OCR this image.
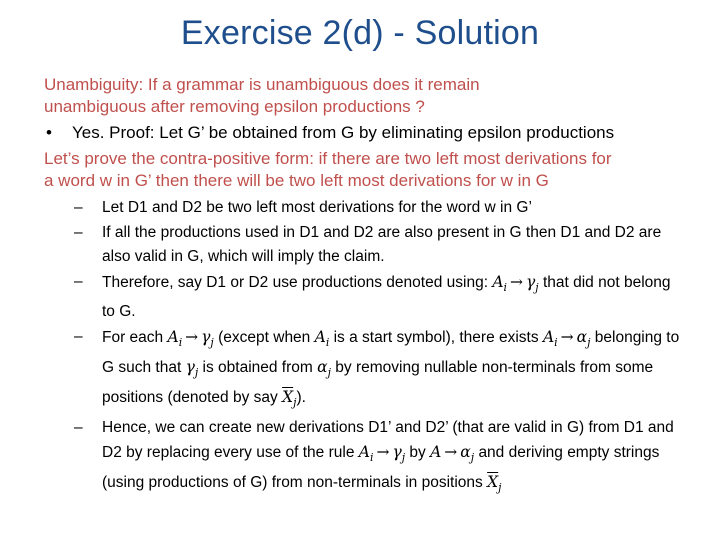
Exercise 2(d) - Solution

Unambiguity: If a grammar is unambiguous does it remain

unambiguous after removing epsilon productions ?

• Yes. Proof: Let G’ be obtained from G by eliminating epsilon productions

Let’s prove the contra-positive form: if there are two left most derivations for

a word w in G’ then there will be two left most derivations for w in G

– Let D1 and D2 be two left most derivations for the word w in G’
– If all the productions used in D1 and D2 are also present in G then D1 and D2 are also valid in G, which will imply the claim.
– Therefore, say D1 or D2 use productions denoted using: $A_i \to \gamma_j$ that did not belong to G.
– For each $A_i \to \gamma_j$ (except when $A_i$ is a start symbol), there exists $A_i \to \alpha_j$ belonging to G such that $\gamma_j$ is obtained from $\alpha_j$ by removing nullable non-terminals from some positions (denoted by say $\overline{X}_j$).
– Hence, we can create new derivations D1’ and D2’ (that are valid in G) from D1 and D2 by replacing every use of the rule $A_i \to \gamma_j$ by $A \to \alpha_j$ and deriving empty strings (using productions of G) from non-terminals in positions $\overline{X}_j$
